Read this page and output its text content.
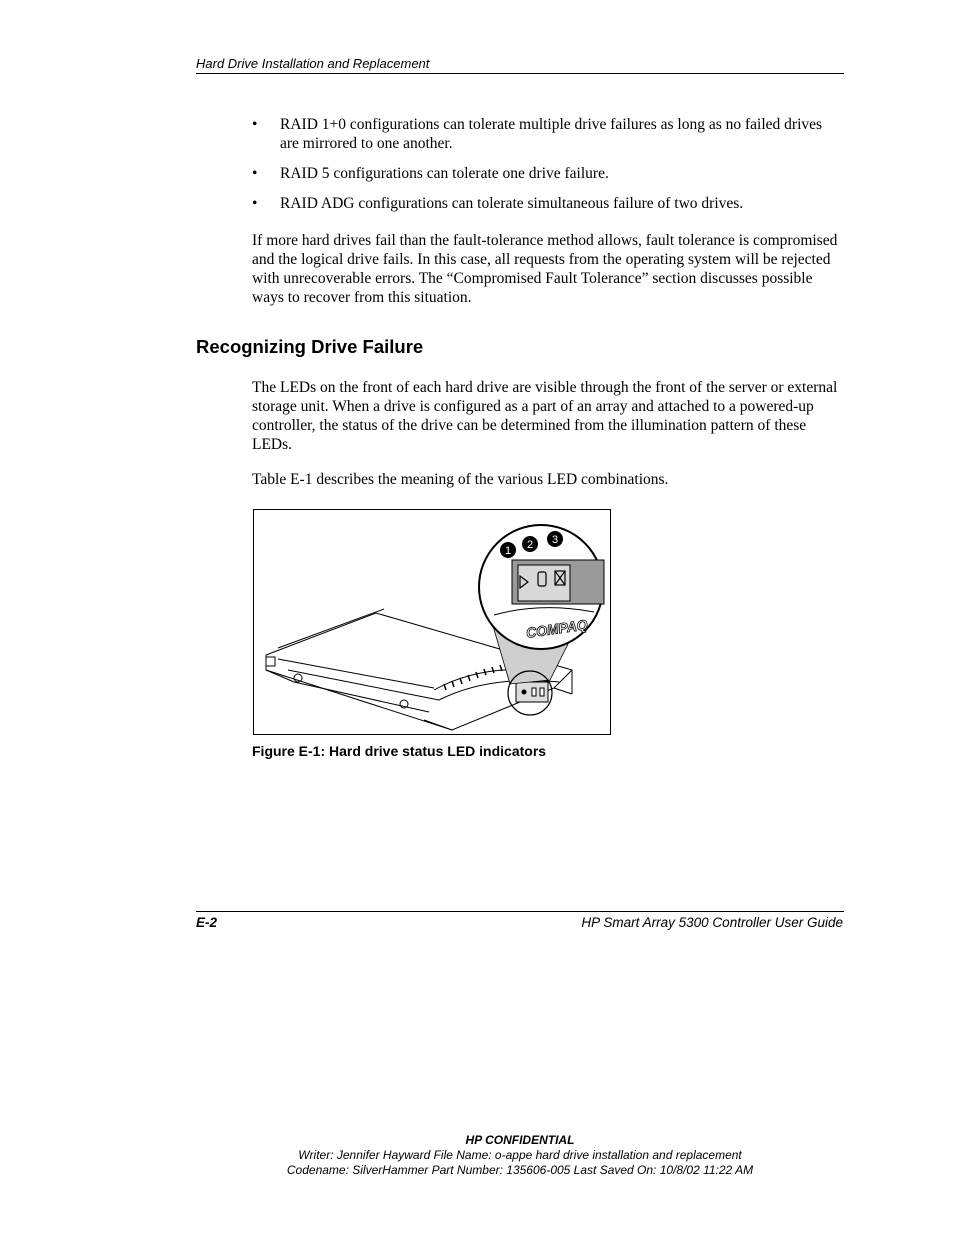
Hard Drive Installation and Replacement
• RAID 1+0 configurations can tolerate multiple drive failures as long as no failed drives are mirrored to one another.
• RAID 5 configurations can tolerate one drive failure.
• RAID ADG configurations can tolerate simultaneous failure of two drives.

If more hard drives fail than the fault-tolerance method allows, fault tolerance is compromised and the logical drive fails. In this case, all requests from the operating system will be rejected with unrecoverable errors. The “Compromised Fault Tolerance” section discusses possible ways to recover from this situation.

Recognizing Drive Failure

The LEDs on the front of each hard drive are visible through the front of the server or external storage unit. When a drive is configured as a part of an array and attached to a powered-up controller, the status of the drive can be determined from the illumination pattern of these LEDs.

Table E-1 describes the meaning of the various LED combinations.

COMPAQ
1 2 3
Figure E-1: Hard drive status LED indicators
E-2	HP Smart Array 5300 Controller User Guide
HP CONFIDENTIAL
Writer: Jennifer Hayward File Name: o-appe hard drive installation and replacement
Codename: SilverHammer Part Number: 135606-005 Last Saved On: 10/8/02 11:22 AM
